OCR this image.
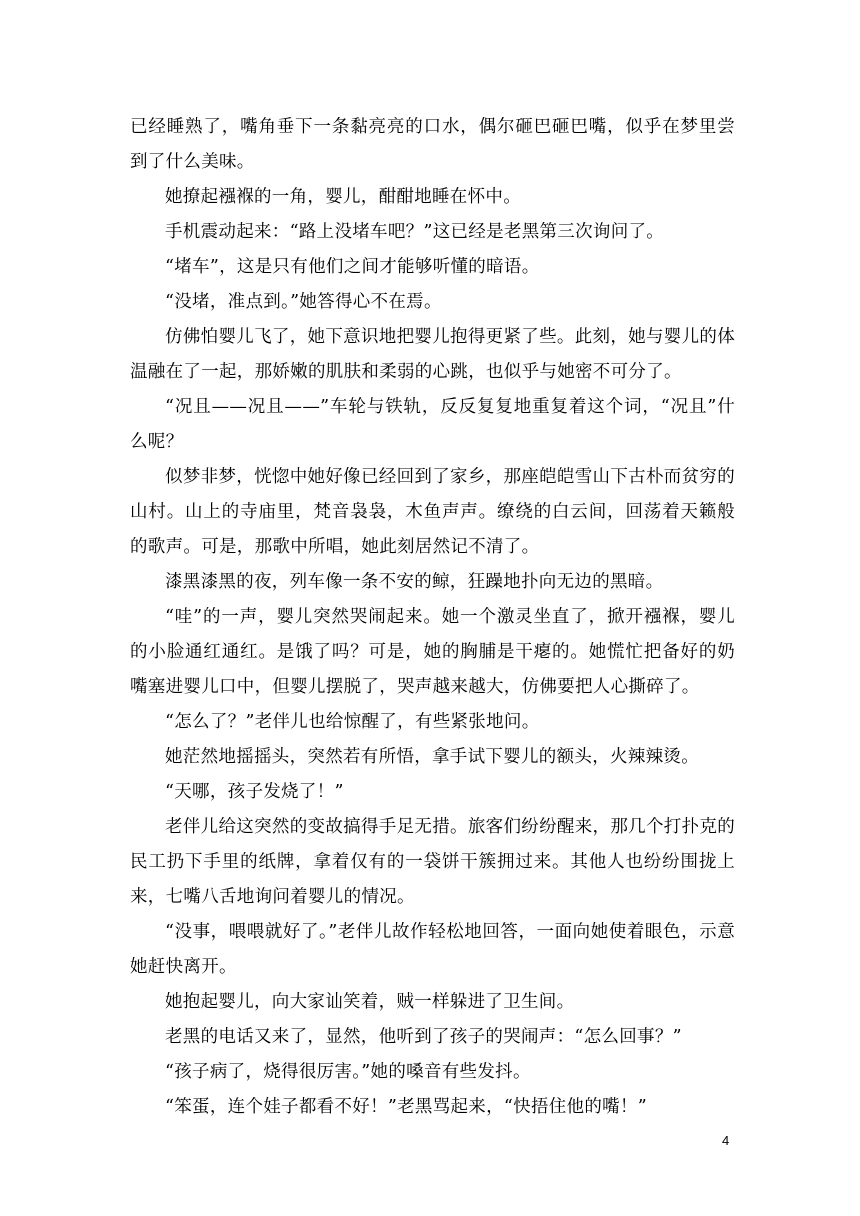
已经睡熟了，嘴角垂下一条黏亮亮的口水，偶尔砸巴砸巴嘴，似乎在梦里尝到了什么美味。

她撩起襁褓的一角，婴儿，酣酣地睡在怀中。

手机震动起来：“路上没堵车吧？”这已经是老黑第三次询问了。

“堵车”，这是只有他们之间才能够听懂的暗语。

“没堵，准点到。”她答得心不在焉。

仿佛怕婴儿飞了，她下意识地把婴儿抱得更紧了些。此刻，她与婴儿的体温融在了一起，那娇嫩的肌肤和柔弱的心跳，也似乎与她密不可分了。

“况且——况且——”车轮与铁轨，反反复复地重复着这个词，“况且”什么呢？

似梦非梦，恍惚中她好像已经回到了家乡，那座皑皑雪山下古朴而贫穷的山村。山上的寺庙里，梵音袅袅，木鱼声声。缭绕的白云间，回荡着天籁般的歌声。可是，那歌中所唱，她此刻居然记不清了。

漆黑漆黑的夜，列车像一条不安的鲸，狂躁地扑向无边的黑暗。

“哇”的一声，婴儿突然哭闹起来。她一个激灵坐直了，掀开襁褓，婴儿的小脸通红通红。是饿了吗？可是，她的胸脯是干瘪的。她慌忙把备好的奶嘴塞进婴儿口中，但婴儿摆脱了，哭声越来越大，仿佛要把人心撕碎了。

“怎么了？”老伴儿也给惊醒了，有些紧张地问。

她茫然地摇摇头，突然若有所悟，拿手试下婴儿的额头，火辣辣烫。

“天哪，孩子发烧了！”

老伴儿给这突然的变故搞得手足无措。旅客们纷纷醒来，那几个打扑克的民工扔下手里的纸牌，拿着仅有的一袋饼干簇拥过来。其他人也纷纷围拢上来，七嘴八舌地询问着婴儿的情况。

“没事，喂喂就好了。”老伴儿故作轻松地回答，一面向她使着眼色，示意她赶快离开。

她抱起婴儿，向大家讪笑着，贼一样躲进了卫生间。

老黑的电话又来了，显然，他听到了孩子的哭闹声：“怎么回事？”

“孩子病了，烧得很厉害。”她的嗓音有些发抖。

“笨蛋，连个娃子都看不好！”老黑骂起来，“快捂住他的嘴！”

4
